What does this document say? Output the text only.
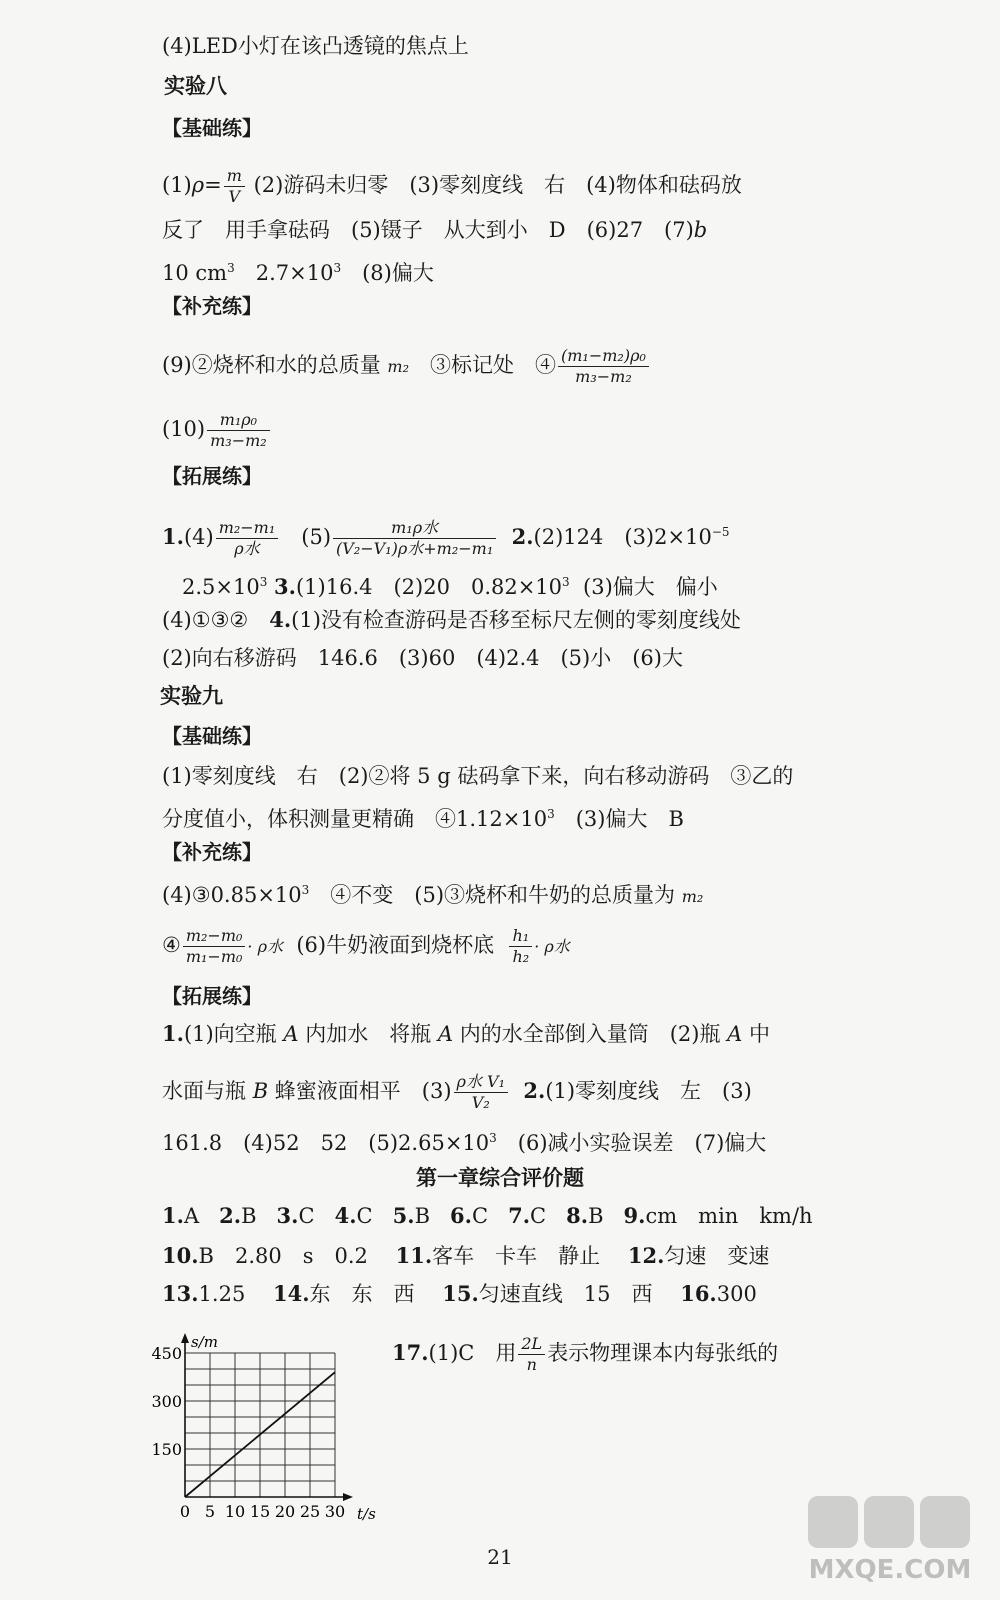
(4)LED小灯在该凸透镜的焦点上
实验八
【基础练】
$(1)\rho= \frac{m}{V} (2)$游码未归零　(3)零刻度线　右　(4)物体和砝码放
反了　用手拿砝码　(5)镊子　从大到小　D　(6)27　(7)b
10 $cm^3$　$2.7\times 10^3$　(8)偏大
【补充练】
(9)②烧杯和水的总质量 m₂　③标记处　④ $\frac{\text{(m₁−m₂)ρ₀}}{\text{m₃−m₂}}$
$(10) \frac{\text{m₁ρ₀}}{\text{m₃−m₂}}$
【拓展练】
$1.(4) \frac{\text{m₂−m₁}}{\text{ρ水}}$ 　$(5) \frac{\text{m₁ρ水}}{\text{(V₂−V₁)ρ水+m₂−m₁}} 2.(2)124$　$(3)2\times 10^{-5}$
$2.5\times 10^3$ 3.(1)16.4　(2)20　$0.82\times 10^3$ (3)偏大　偏小
(4)①③②　4.(1)没有检查游码是否移至标尺左侧的零刻度线处
(2)向右移游码　146.6　(3)60　(4)2.4　(5)小　(6)大
实验九
【基础练】
(1)零刻度线　右　(2)②将 5 g 砝码拿下来，向右移动游码　③乙的
分度值小，体积测量更精确　$④1.12\times 10^3$　(3)偏大　B
【补充练】
$(4)③0.85\times 10^3$　④不变　(5)③烧杯和牛奶的总质量为 m₂
④ $\frac{\text{m₂−m₀}}{\text{m₁−m₀}} \cdot \rho$水 (6)牛奶液面到烧杯底 $\frac{\text{h₁}}{\text{h₂}} \cdot \rho$水
【拓展练】
1.(1)向空瓶 A 内加水　将瓶 A 内的水全部倒入量筒　(2)瓶 A 中
水面与瓶 B 蜂蜜液面相平　$(3) \frac{\text{ρ水 V₁}}{\text{V₂}} 2.(1)$零刻度线　左　(3)
161.8　(4)52　52　$(5)2.65\times 10^3$　(6)减小实验误差　(7)偏大
第一章综合评价题
1.A 2.B 3.C 4.C 5.B 6.C 7.C 8.B 9.cm　min　km/h
10.B　2.80　s　0.2　 11.客车　卡车　静止　 12.匀速　变速
13.1.25　 14.东　东　西　 15.匀速直线　15　西　 16.300
17.(1)C　用 $\frac{2L}{n}$ 表示物理课本内每张纸的
0 5 10 15 20 25 30
150
300
450
t/s
s/m
MXQE.COM
21
